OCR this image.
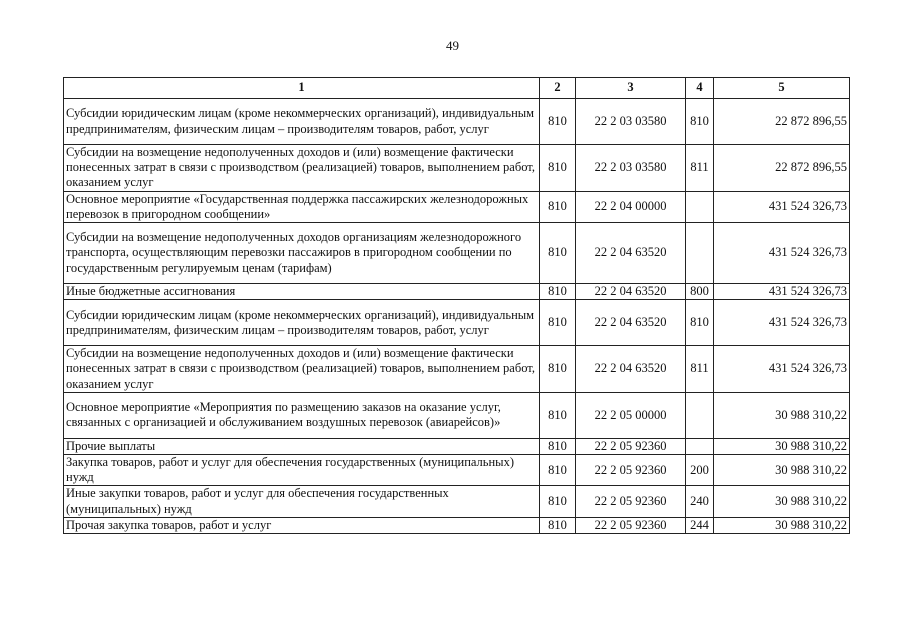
49
1	2	3	4	5
Субсидии юридическим лицам (кроме некоммерческих организаций), индивидуальным предпринимателям, физическим лицам – производителям товаров, работ, услуг	810	22 2 03 03580	810	22 872 896,55
Субсидии на возмещение недополученных доходов и (или) возмещение фактически понесенных затрат в связи с производством (реализацией) товаров, выполнением работ, оказанием услуг	810	22 2 03 03580	811	22 872 896,55
Основное мероприятие «Государственная поддержка пассажирских железнодорожных перевозок в пригородном сообщении»	810	22 2 04 00000		431 524 326,73
Субсидии на возмещение недополученных доходов организациям железнодорожного транспорта, осуществляющим перевозки пассажиров в пригородном сообщении по государственным регулируемым ценам (тарифам)	810	22 2 04 63520		431 524 326,73
Иные бюджетные ассигнования	810	22 2 04 63520	800	431 524 326,73
Субсидии юридическим лицам (кроме некоммерческих организаций), индивидуальным предпринимателям, физическим лицам – производителям товаров, работ, услуг	810	22 2 04 63520	810	431 524 326,73
Субсидии на возмещение недополученных доходов и (или) возмещение фактически понесенных затрат в связи с производством (реализацией) товаров, выполнением работ, оказанием услуг	810	22 2 04 63520	811	431 524 326,73
Основное мероприятие «Мероприятия по размещению заказов на оказание услуг, связанных с организацией и обслуживанием воздушных перевозок (авиарейсов)»	810	22 2 05 00000		30 988 310,22
Прочие выплаты	810	22 2 05 92360		30 988 310,22
Закупка товаров, работ и услуг для обеспечения государственных (муниципальных) нужд	810	22 2 05 92360	200	30 988 310,22
Иные закупки товаров, работ и услуг для обеспечения государственных (муниципальных) нужд	810	22 2 05 92360	240	30 988 310,22
Прочая закупка товаров, работ и услуг	810	22 2 05 92360	244	30 988 310,22
